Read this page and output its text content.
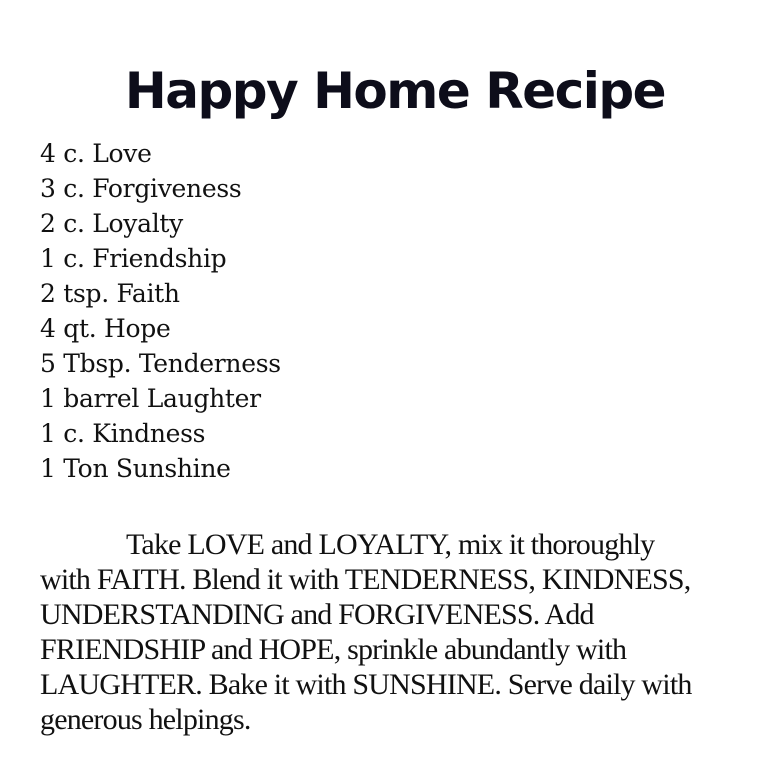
Happy Home Recipe
4 c. Love
3 c. Forgiveness
2 c. Loyalty
1 c. Friendship
2 tsp. Faith
4 qt. Hope
5 Tbsp. Tenderness
1 barrel Laughter
1 c. Kindness
1 Ton Sunshine

Take LOVE and LOYALTY, mix it thoroughly
with FAITH. Blend it with TENDERNESS, KINDNESS,
UNDERSTANDING and FORGIVENESS. Add
FRIENDSHIP and HOPE, sprinkle abundantly with
LAUGHTER. Bake it with SUNSHINE. Serve daily with
generous helpings.
